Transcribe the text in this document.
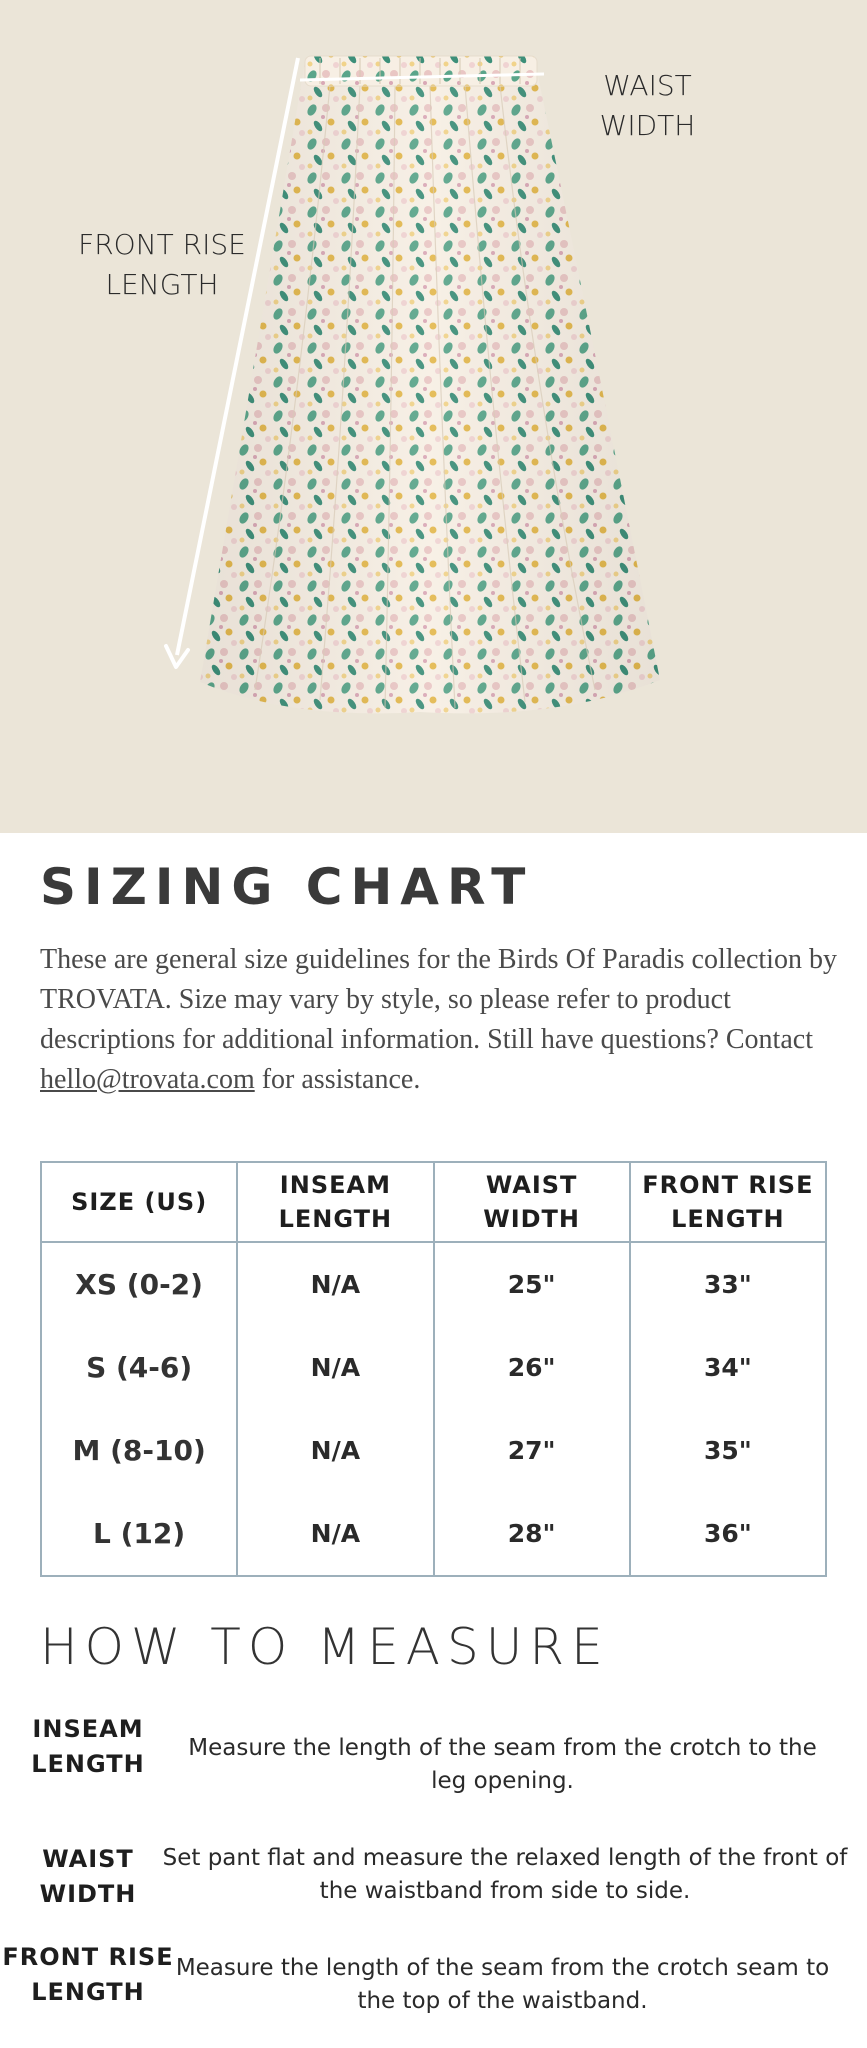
WAIST WIDTH
FRONT RISE LENGTH
SIZING CHART

These are general size guidelines for the Birds Of Paradis collection by TROVATA. Size may vary by style, so please refer to product descriptions for additional information. Still have questions? Contact hello@trovata.com for assistance.

SIZE (US)	INSEAM LENGTH	WAIST WIDTH	FRONT RISE LENGTH
XS (0-2)	N/A	25"	33"
S (4-6)	N/A	26"	34"
M (8-10)	N/A	27"	35"
L (12)	N/A	28"	36"
HOW TO MEASURE
INSEAM LENGTH
Measure the length of the seam from the crotch to the leg opening.
WAIST WIDTH
Set pant flat and measure the relaxed length of the front of the waistband from side to side.
FRONT RISE LENGTH
Measure the length of the seam from the crotch seam to the top of the waistband.
